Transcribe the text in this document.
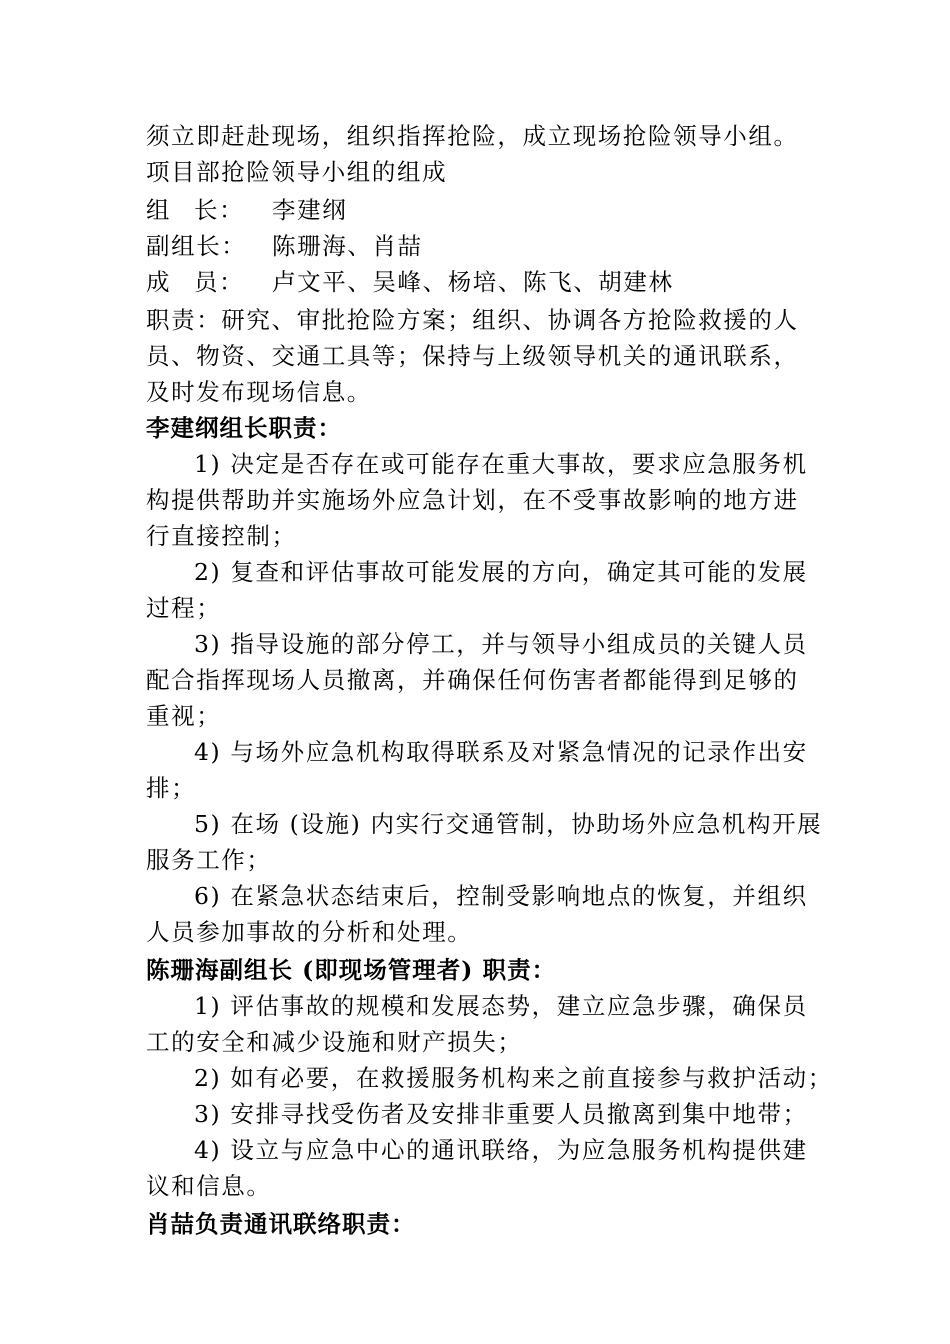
须立即赶赴现场，组织指挥抢险，成立现场抢险领导小组。
项目部抢险领导小组的组成
组 长： 李建纲
副组长： 陈珊海、肖喆
成 员： 卢文平、吴峰、杨培、陈飞、胡建林
职责：研究、审批抢险方案；组织、协调各方抢险救援的人
员、物资、交通工具等；保持与上级领导机关的通讯联系，
及时发布现场信息。
李建纲组长职责：
1) 决定是否存在或可能存在重大事故，要求应急服务机
构提供帮助并实施场外应急计划，在不受事故影响的地方进
行直接控制；
2) 复查和评估事故可能发展的方向，确定其可能的发展
过程；
3) 指导设施的部分停工，并与领导小组成员的关键人员
配合指挥现场人员撤离，并确保任何伤害者都能得到足够的
重视；
4) 与场外应急机构取得联系及对紧急情况的记录作出安
排；
5) 在场 (设施) 内实行交通管制，协助场外应急机构开展
服务工作；
6) 在紧急状态结束后，控制受影响地点的恢复，并组织
人员参加事故的分析和处理。
陈珊海副组长 (即现场管理者) 职责：
1) 评估事故的规模和发展态势，建立应急步骤，确保员
工的安全和减少设施和财产损失；
2) 如有必要，在救援服务机构来之前直接参与救护活动；
3) 安排寻找受伤者及安排非重要人员撤离到集中地带；
4) 设立与应急中心的通讯联络，为应急服务机构提供建
议和信息。
肖喆负责通讯联络职责：
